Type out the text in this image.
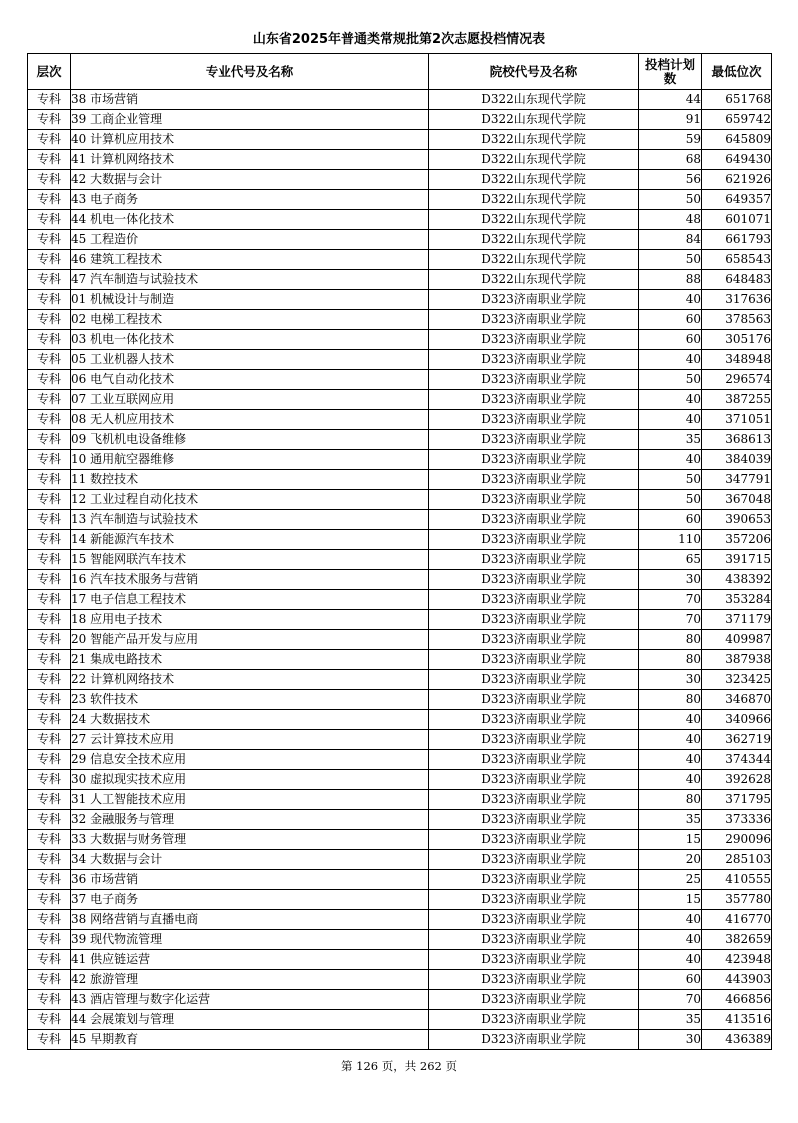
山东省2025年普通类常规批第2次志愿投档情况表
层次	专业代号及名称	院校代号及名称	投档计划数	最低位次
专科	38 市场营销	D322山东现代学院	44	651768
专科	39 工商企业管理	D322山东现代学院	91	659742
专科	40 计算机应用技术	D322山东现代学院	59	645809
专科	41 计算机网络技术	D322山东现代学院	68	649430
专科	42 大数据与会计	D322山东现代学院	56	621926
专科	43 电子商务	D322山东现代学院	50	649357
专科	44 机电一体化技术	D322山东现代学院	48	601071
专科	45 工程造价	D322山东现代学院	84	661793
专科	46 建筑工程技术	D322山东现代学院	50	658543
专科	47 汽车制造与试验技术	D322山东现代学院	88	648483
专科	01 机械设计与制造	D323济南职业学院	40	317636
专科	02 电梯工程技术	D323济南职业学院	60	378563
专科	03 机电一体化技术	D323济南职业学院	60	305176
专科	05 工业机器人技术	D323济南职业学院	40	348948
专科	06 电气自动化技术	D323济南职业学院	50	296574
专科	07 工业互联网应用	D323济南职业学院	40	387255
专科	08 无人机应用技术	D323济南职业学院	40	371051
专科	09 飞机机电设备维修	D323济南职业学院	35	368613
专科	10 通用航空器维修	D323济南职业学院	40	384039
专科	11 数控技术	D323济南职业学院	50	347791
专科	12 工业过程自动化技术	D323济南职业学院	50	367048
专科	13 汽车制造与试验技术	D323济南职业学院	60	390653
专科	14 新能源汽车技术	D323济南职业学院	110	357206
专科	15 智能网联汽车技术	D323济南职业学院	65	391715
专科	16 汽车技术服务与营销	D323济南职业学院	30	438392
专科	17 电子信息工程技术	D323济南职业学院	70	353284
专科	18 应用电子技术	D323济南职业学院	70	371179
专科	20 智能产品开发与应用	D323济南职业学院	80	409987
专科	21 集成电路技术	D323济南职业学院	80	387938
专科	22 计算机网络技术	D323济南职业学院	30	323425
专科	23 软件技术	D323济南职业学院	80	346870
专科	24 大数据技术	D323济南职业学院	40	340966
专科	27 云计算技术应用	D323济南职业学院	40	362719
专科	29 信息安全技术应用	D323济南职业学院	40	374344
专科	30 虚拟现实技术应用	D323济南职业学院	40	392628
专科	31 人工智能技术应用	D323济南职业学院	80	371795
专科	32 金融服务与管理	D323济南职业学院	35	373336
专科	33 大数据与财务管理	D323济南职业学院	15	290096
专科	34 大数据与会计	D323济南职业学院	20	285103
专科	36 市场营销	D323济南职业学院	25	410555
专科	37 电子商务	D323济南职业学院	15	357780
专科	38 网络营销与直播电商	D323济南职业学院	40	416770
专科	39 现代物流管理	D323济南职业学院	40	382659
专科	41 供应链运营	D323济南职业学院	40	423948
专科	42 旅游管理	D323济南职业学院	60	443903
专科	43 酒店管理与数字化运营	D323济南职业学院	70	466856
专科	44 会展策划与管理	D323济南职业学院	35	413516
专科	45 早期教育	D323济南职业学院	30	436389
第 126 页，共 262 页
